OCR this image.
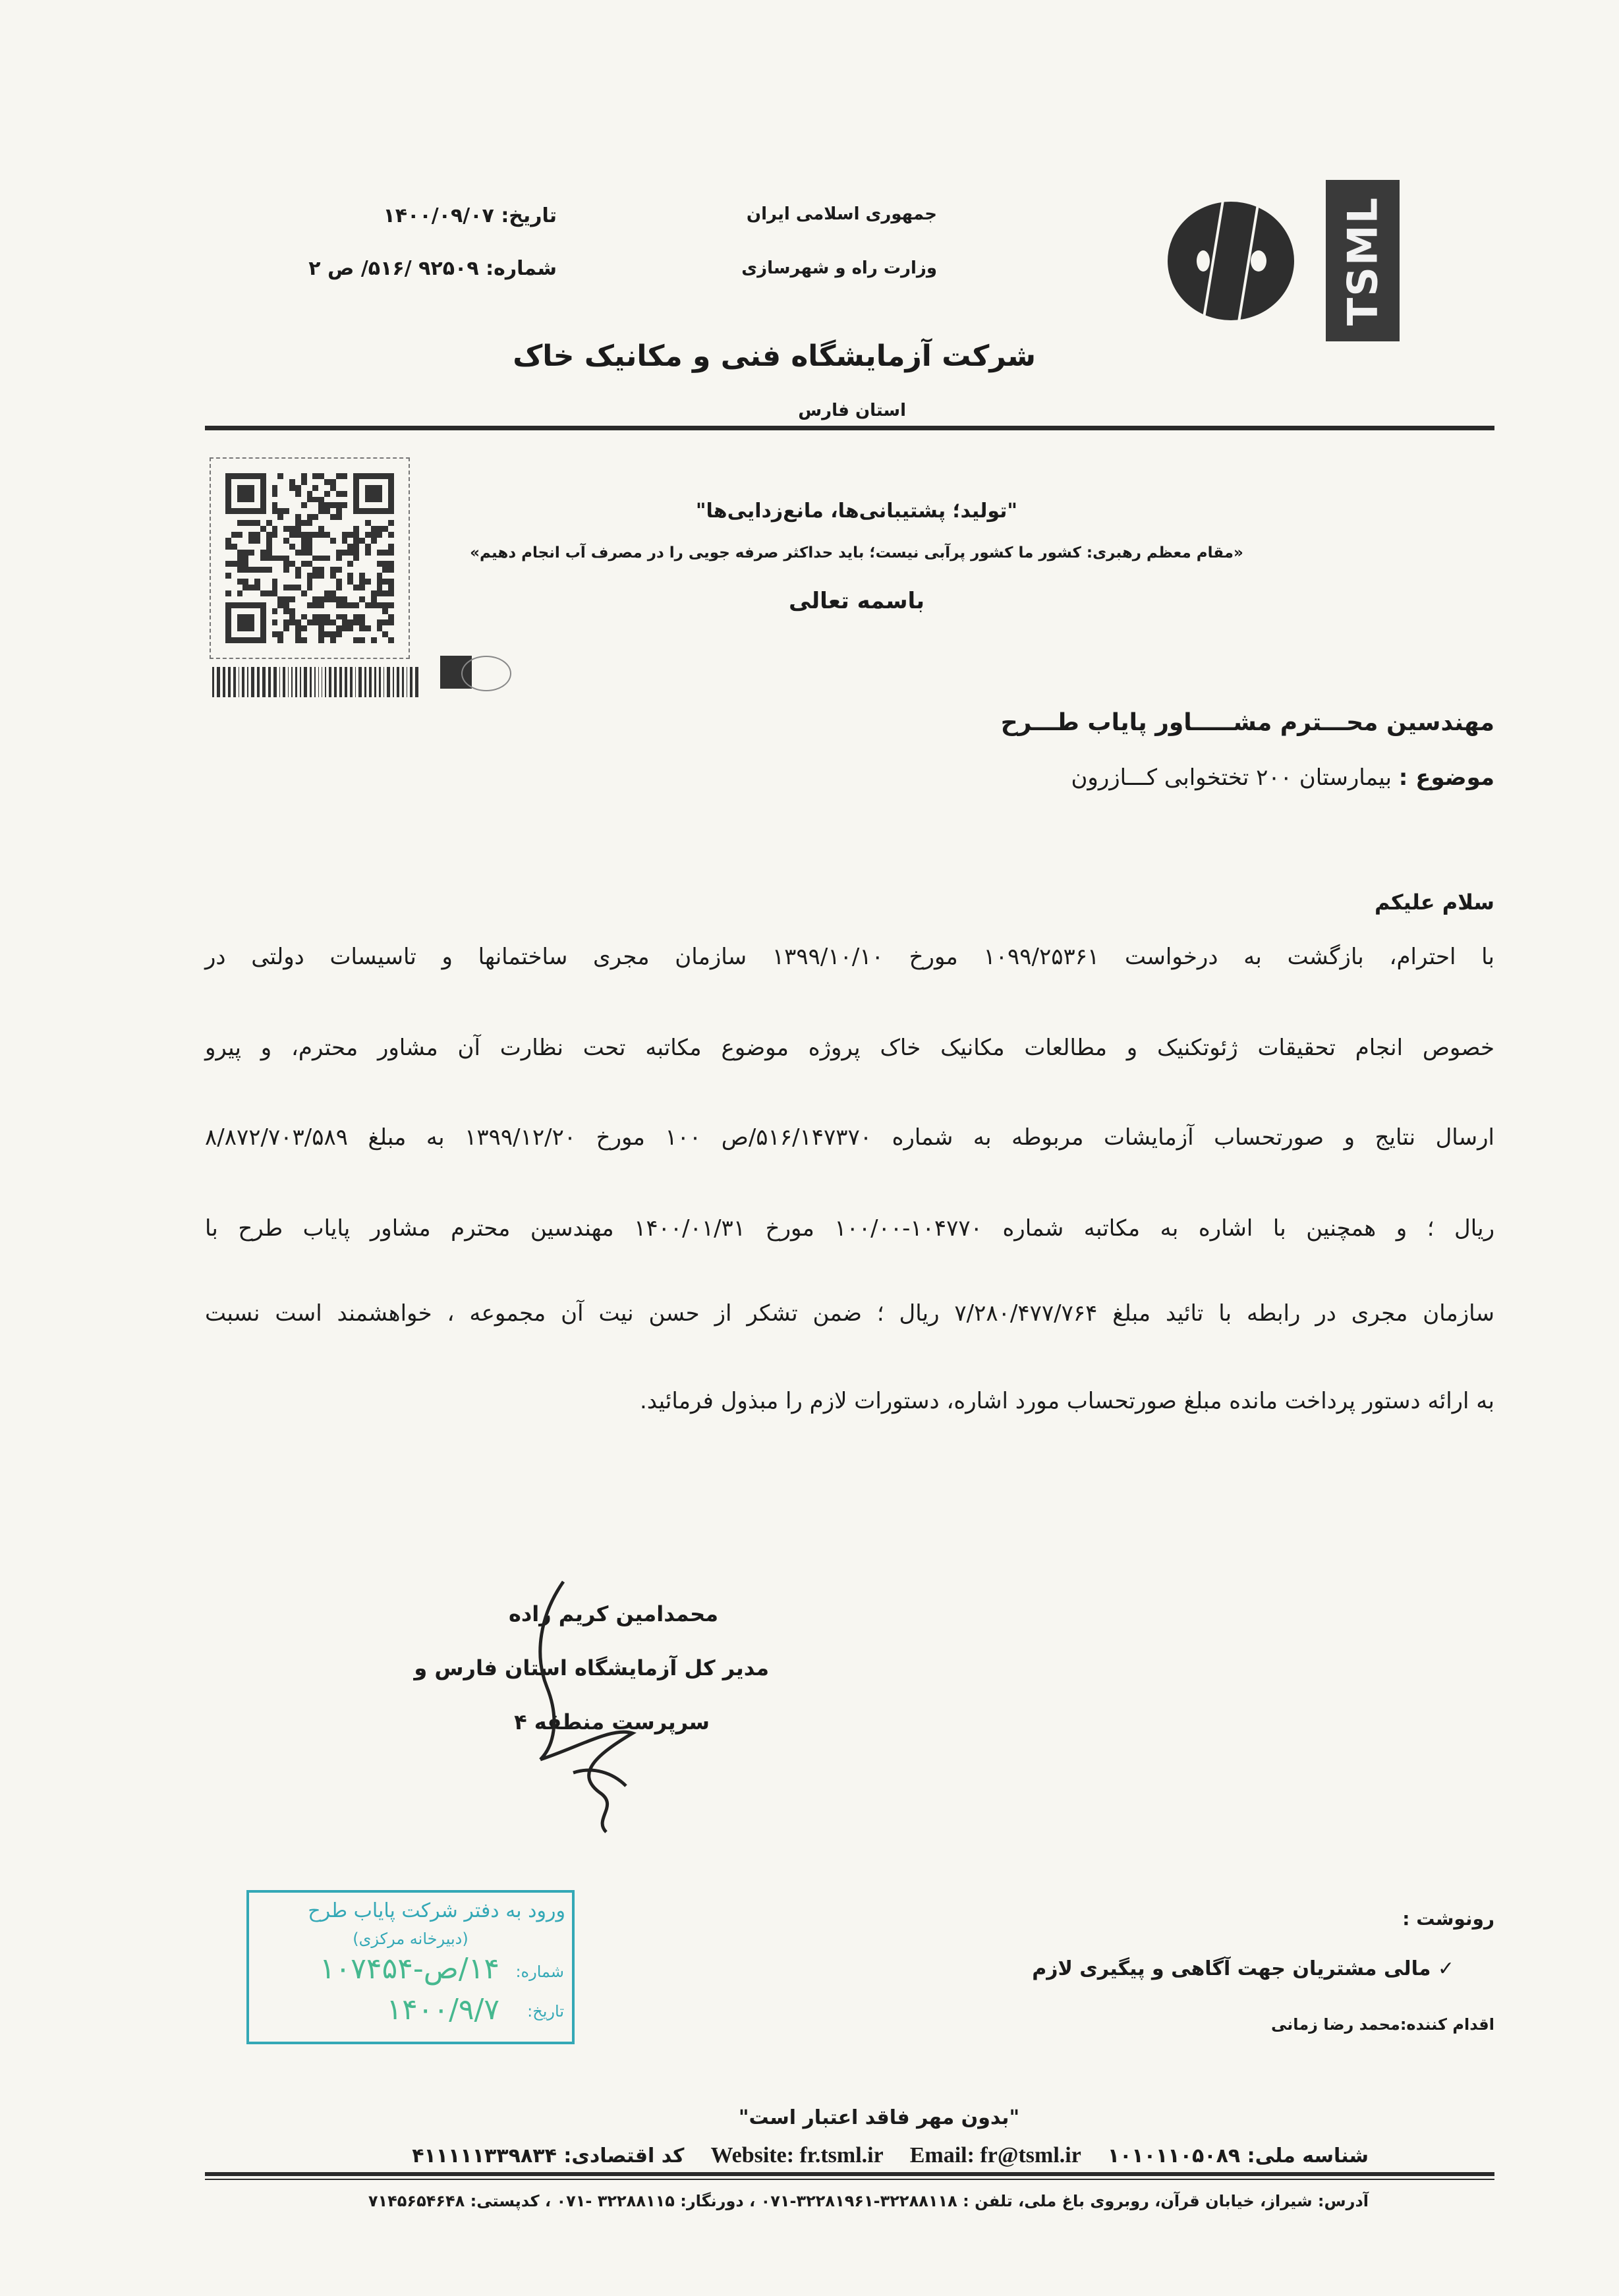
TSML
جمهوری اسلامی ایران
وزارت راه و شهرسازی
تاریخ: ۱۴۰۰/۰۹/۰۷
شماره: ۹۲۵۰۹ /۵۱۶/ ص ۲
شرکت آزمایشگاه فنی و مکانیک خاک
استان فارس
"تولید؛ پشتیبانی‌ها، مانع‌زدایی‌ها"
«مقام معظم رهبری: کشور ما کشور پرآبی نیست؛ باید حداکثر صرفه جویی را در مصرف آب انجام دهیم»
باسمه تعالی
مهندسین محـــترم مشـــــاور پایاب طـــرح
موضوع : بیمارستان ۲۰۰ تختخوابی کـــازرون
سلام علیکم
با احترام، بازگشت به درخواست ۱۰۹۹/۲۵۳۶۱ مورخ ۱۳۹۹/۱۰/۱۰ سازمان مجری ساختمانها و تاسیسات دولتی در
خصوص انجام تحقیقات ژئوتکنیک و مطالعات مکانیک خاک پروژه موضوع مکاتبه تحت نظارت آن مشاور محترم، و پیرو
ارسال نتایج و صورتحساب آزمایشات مربوطه به شماره ۵۱۶/۱۴۷۳۷۰/ص ۱۰۰ مورخ ۱۳۹۹/۱۲/۲۰ به مبلغ ۸/۸۷۲/۷۰۳/۵۸۹
ریال ؛ و همچنین با اشاره به مکاتبه شماره ۱۰۴۷۷۰-۱۰۰/۰۰ مورخ ۱۴۰۰/۰۱/۳۱ مهندسین محترم مشاور پایاب طرح با
سازمان مجری در رابطه با تائید مبلغ ۷/۲۸۰/۴۷۷/۷۶۴ ریال ؛ ضمن تشکر از حسن نیت آن مجموعه ، خواهشمند است نسبت
به ارائه دستور پرداخت مانده مبلغ صورتحساب مورد اشاره، دستورات لازم را مبذول فرمائید.
محمدامین کریم زاده
مدیر کل آزمایشگاه استان فارس و
سرپرست منطقه ۴
ورود به دفتر شرکت پایاب طرح
(دبیرخانه مرکزی)
شماره:
۱۴/ص-۱۰۷۴۵۴
تاریخ:
۱۴۰۰/۹/۷
رونوشت :
✓ مالی مشتریان جهت آگاهی و پیگیری لازم
اقدام کننده:محمد رضا زمانی
"بدون مهر فاقد اعتبار است"
شناسه ملی: ۱۰۱۰۱۱۰۵۰۸۹
Email: fr@tsml.ir
Website: fr.tsml.ir
کد اقتصادی: ۴۱۱۱۱۱۳۳۹۸۳۴
آدرس: شیراز، خیابان قرآن، روبروی باغ ملی، تلفن : ۳۲۲۸۸۱۱۸-۳۲۲۸۱۹۶۱-۰۷۱ ، دورنگار: ۳۲۲۸۸۱۱۵ -۰۷۱ ، کدپستی: ۷۱۴۵۶۵۴۶۴۸
